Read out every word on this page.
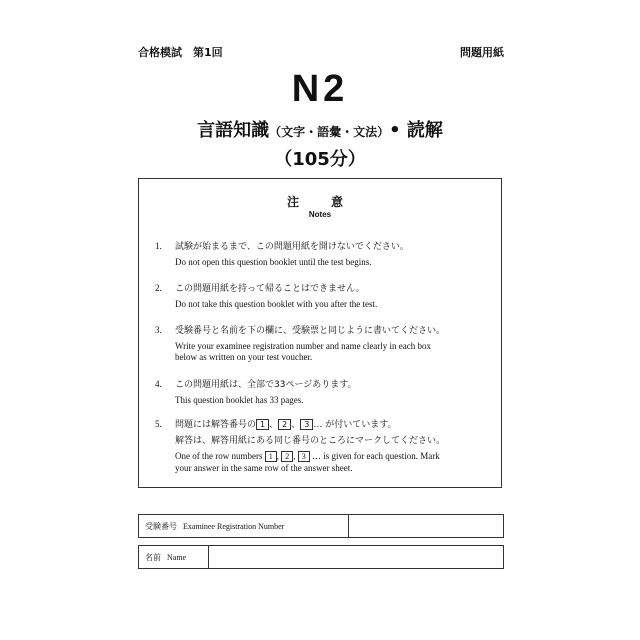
合格模試　第1回	問題用紙
N2
言語知識（文字・語彙・文法）• 読解
（105分）
注　意
Notes
1. 試験が始まるまで、この問題用紙を開けないでください。
Do not open this question booklet until the test begins.
2. この問題用紙を持って帰ることはできません。
Do not take this question booklet with you after the test.
3. 受験番号と名前を下の欄に、受験票と同じように書いてください。
Write your examinee registration number and name clearly in each box
below as written on your test voucher.
4. この問題用紙は、全部で33ページあります。
This question booklet has 33 pages.
5. 問題には解答番号の 1 、 2 、 3 … が付いています。
解答は、解答用紙にある同じ番号のところにマークしてください。
One of the row numbers 1 , 2 , 3 … is given for each question. Mark
your answer in the same row of the answer sheet.
受験番号 Examinee Registration Number
名前 Name
